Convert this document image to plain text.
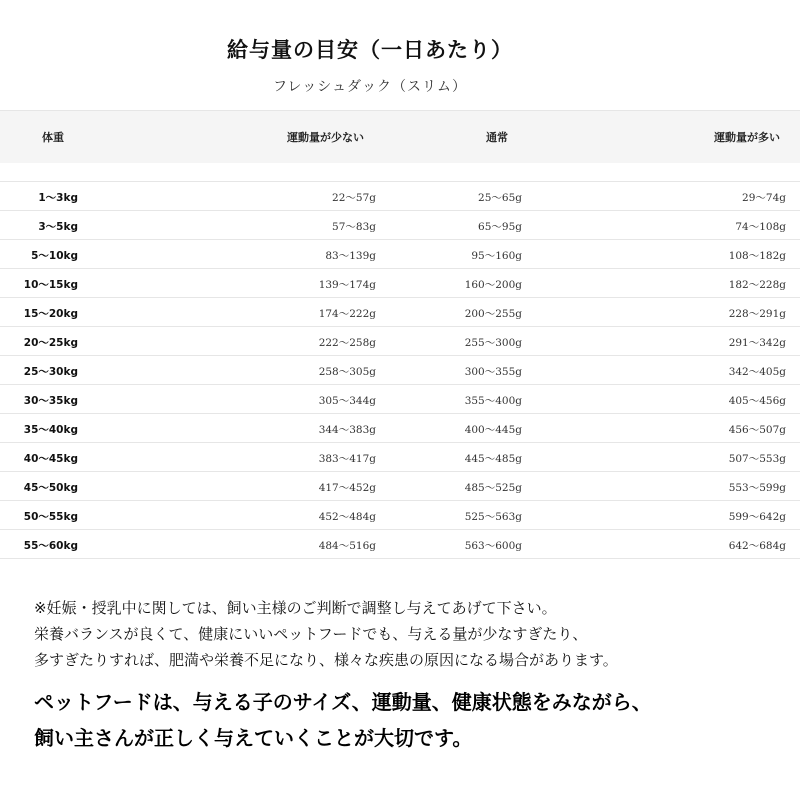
給与量の目安（一日あたり）
フレッシュダック（スリム）
体重	運動量が少ない	通常	運動量が多い
1〜3kg	22〜57g	25〜65g	29〜74g
3〜5kg	57〜83g	65〜95g	74〜108g
5〜10kg	83〜139g	95〜160g	108〜182g
10〜15kg	139〜174g	160〜200g	182〜228g
15〜20kg	174〜222g	200〜255g	228〜291g
20〜25kg	222〜258g	255〜300g	291〜342g
25〜30kg	258〜305g	300〜355g	342〜405g
30〜35kg	305〜344g	355〜400g	405〜456g
35〜40kg	344〜383g	400〜445g	456〜507g
40〜45kg	383〜417g	445〜485g	507〜553g
45〜50kg	417〜452g	485〜525g	553〜599g
50〜55kg	452〜484g	525〜563g	599〜642g
55〜60kg	484〜516g	563〜600g	642〜684g
※妊娠・授乳中に関しては、飼い主様のご判断で調整し与えてあげて下さい。
栄養バランスが良くて、健康にいいペットフードでも、与える量が少なすぎたり、
多すぎたりすれば、肥満や栄養不足になり、様々な疾患の原因になる場合があります。
ペットフードは、与える子のサイズ、運動量、健康状態をみながら、
飼い主さんが正しく与えていくことが大切です。
